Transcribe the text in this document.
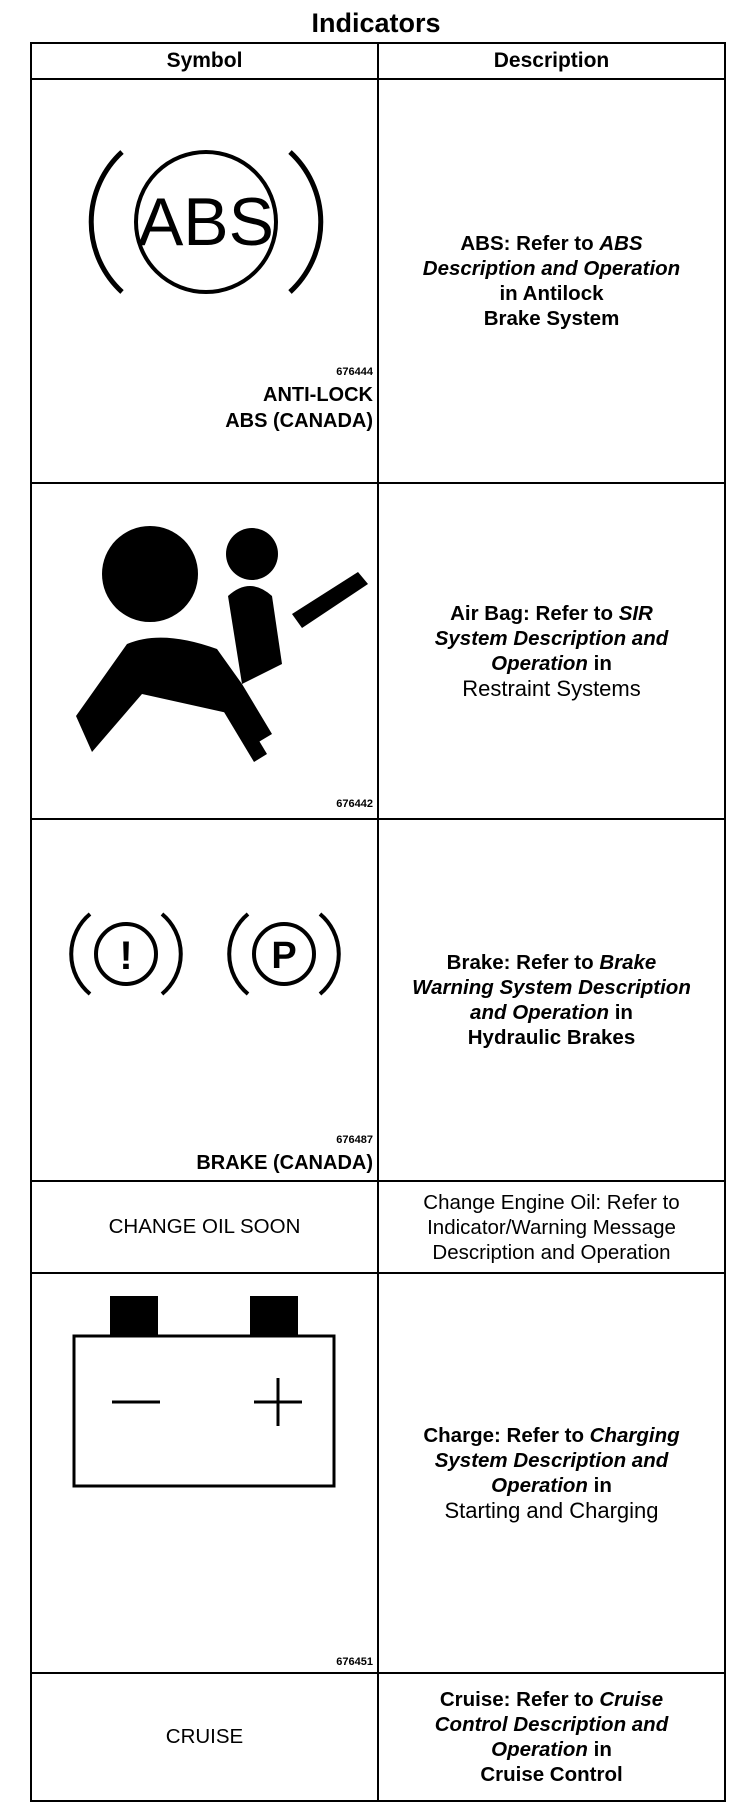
Indicators
Symbol	Description

ABS
676444
ANTI-LOCK
ABS (CANADA)	ABS: Refer to ABS
Description and Operation
in Antilock
Brake System

676442	Air Bag: Refer to SIR
System Description and
Operation in
Restraint Systems

! P
676487
BRAKE (CANADA)	Brake: Refer to Brake
Warning System Description
and Operation in
Hydraulic Brakes

CHANGE OIL SOON	Change Engine Oil: Refer to
Indicator/Warning Message
Description and Operation

676451	Charge: Refer to Charging
System Description and
Operation in
Starting and Charging

CRUISE	Cruise: Refer to Cruise
Control Description and
Operation in
Cruise Control
